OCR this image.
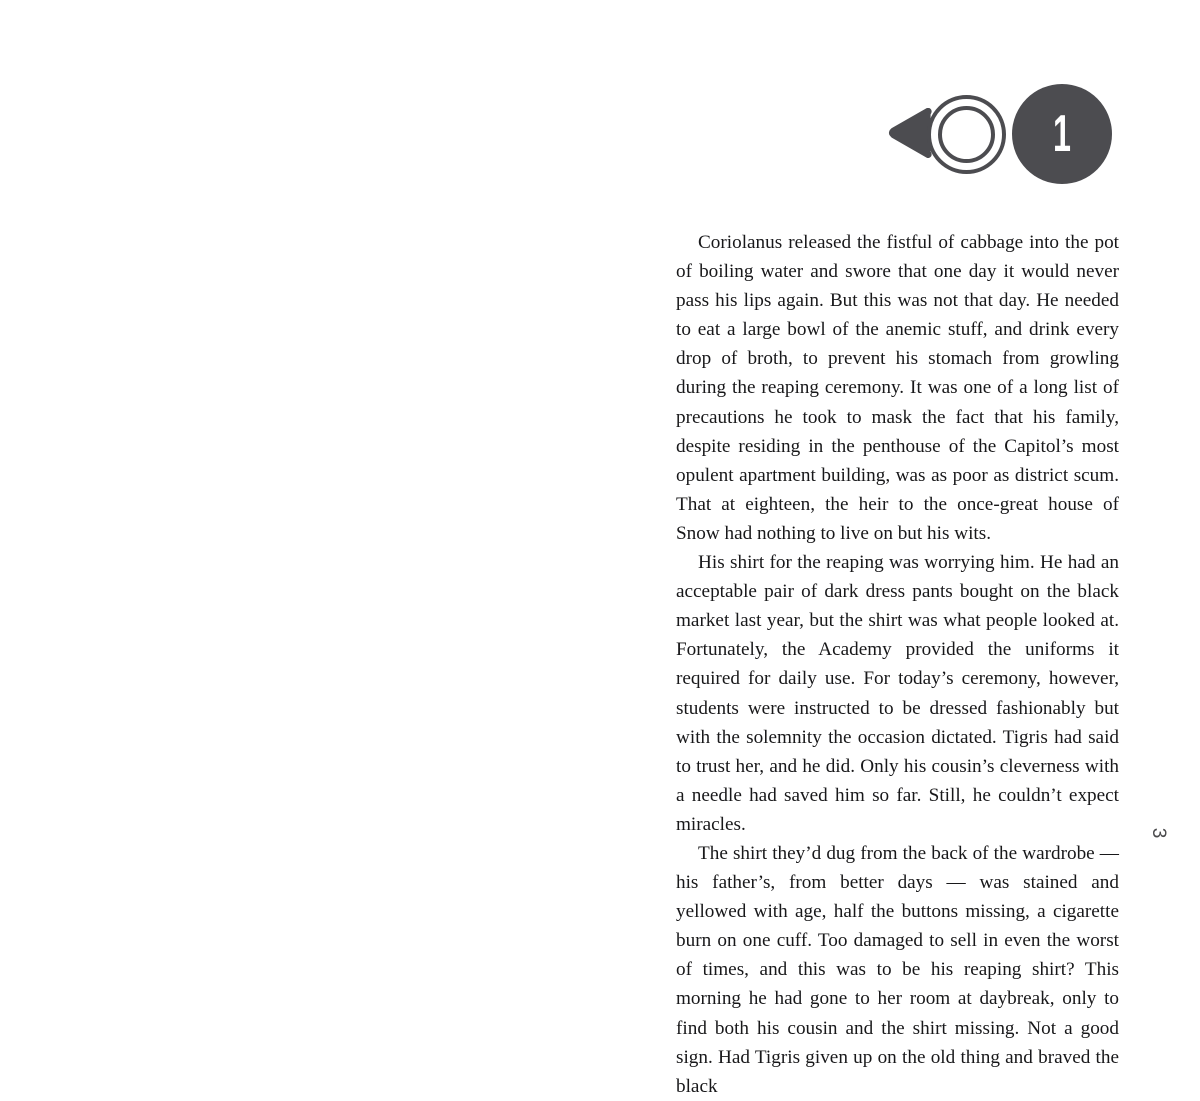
1

Coriolanus released the fistful of cabbage into the pot of boiling water and swore that one day it would never pass his lips again. But this was not that day. He needed to eat a large bowl of the anemic stuff, and drink every drop of broth, to prevent his stomach from growling during the reaping ceremony. It was one of a long list of precautions he took to mask the fact that his family, despite residing in the penthouse of the Capitol’s most opulent apartment building, was as poor as district scum. That at eighteen, the heir to the once-great house of Snow had nothing to live on but his wits.

His shirt for the reaping was worrying him. He had an acceptable pair of dark dress pants bought on the black market last year, but the shirt was what people looked at. Fortunately, the Academy provided the uniforms it required for daily use. For today’s ceremony, however, students were instructed to be dressed fashionably but with the solemnity the occasion dictated. Tigris had said to trust her, and he did. Only his cousin’s cleverness with a needle had saved him so far. Still, he couldn’t expect miracles.

The shirt they’d dug from the back of the wardrobe — his father’s, from better days — was stained and yellowed with age, half the buttons missing, a cigarette burn on one cuff. Too damaged to sell in even the worst of times, and this was to be his reaping shirt? This morning he had gone to her room at daybreak, only to find both his cousin and the shirt missing. Not a good sign. Had Tigris given up on the old thing and braved the black

3
